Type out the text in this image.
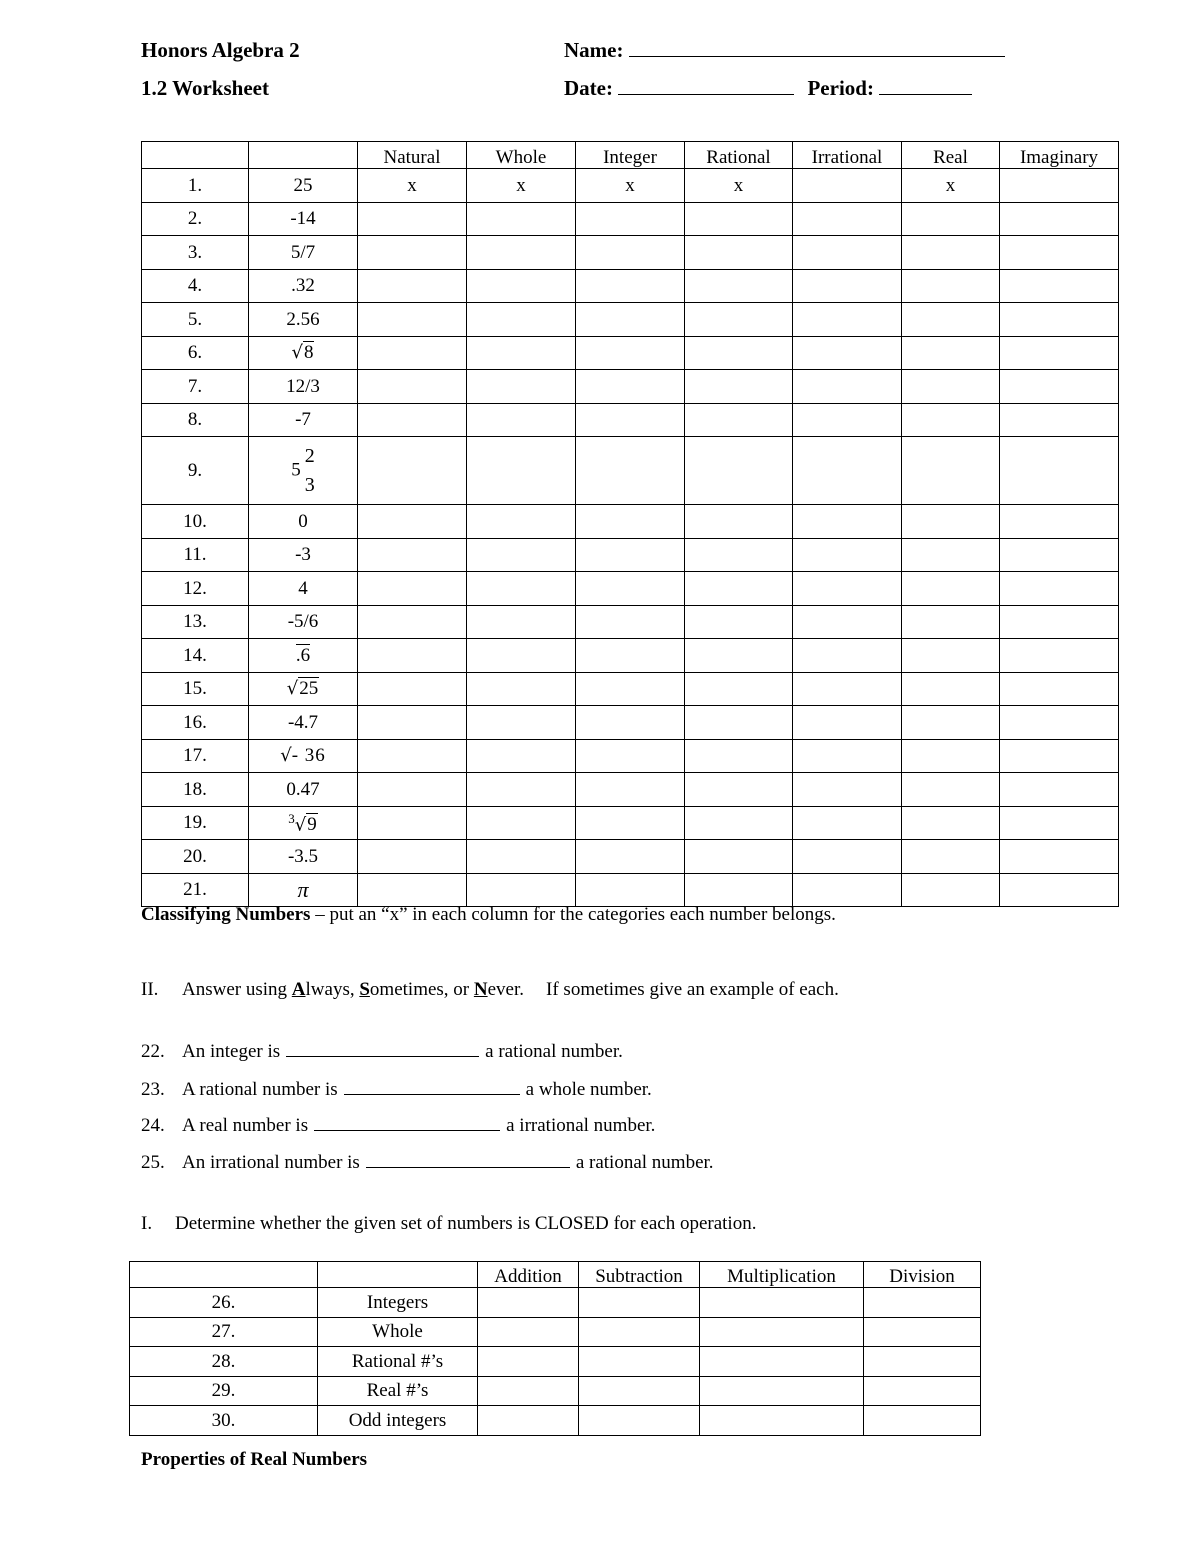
Honors Algebra 2
1.2 Worksheet
Name:
Date:	Period:
		Natural	Whole	Integer	Rational	Irrational	Real	Imaginary
1.	25	x	x	x	x		x	
2.	-14							
3.	5/7							
4.	.32							
5.	2.56							
6.	√8							
7.	12/3							
8.	-7							
9.	5
2
3							

10.	0							
11.	-3							
12.	4							
13.	-5/6							
14.	.6							
15.	√25							
16.	-4.7							
17.	√- 36							
18.	0.47							
19.	$^3$√9							
20.	-3.5							
21.	π							
Classifying Numbers – put an “x” in each column for the categories each number belongs.
II. Answer using Always, Sometimes, or Never. If sometimes give an example of each.
22. An integer is	a rational number.
23. A rational number is	a whole number.
24. A real number is	a irrational number.
25. An irrational number is	a rational number.
I. Determine whether the given set of numbers is CLOSED for each operation.
		Addition	Subtraction	Multiplication	Division
26.	Integers				
27.	Whole				
28.	Rational #’s				
29.	Real #’s				
30.	Odd integers				
Properties of Real Numbers
